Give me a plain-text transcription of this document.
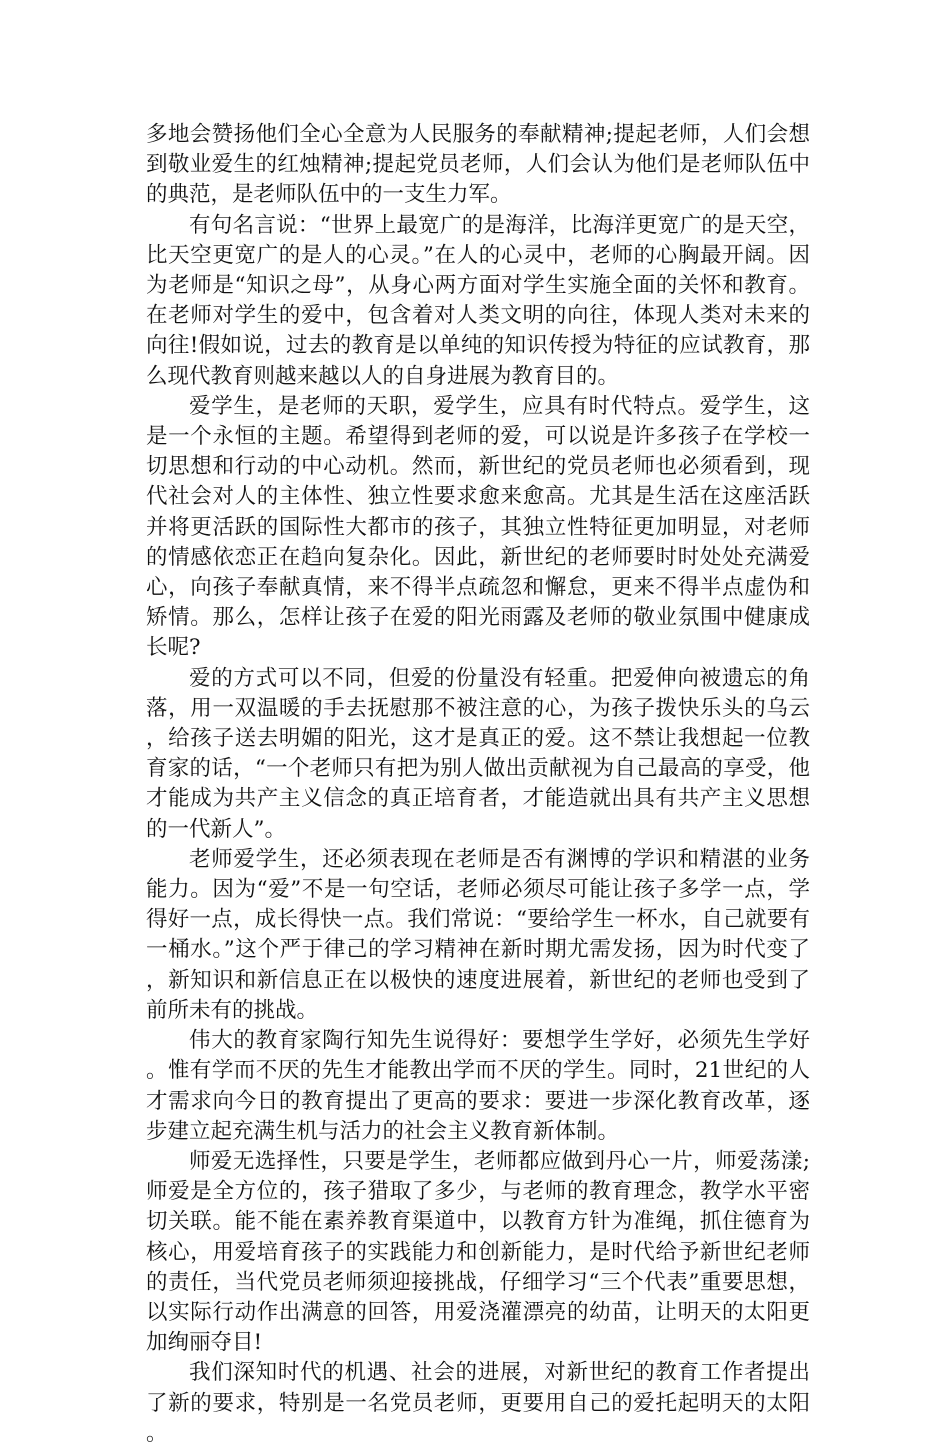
多地会赞扬他们全心全意为人民服务的奉献精神;提起老师，人们会想到敬业爱生的红烛精神;提起党员老师，人们会认为他们是老师队伍中的典范，是老师队伍中的一支生力军。

有句名言说：“世界上最宽广的是海洋，比海洋更宽广的是天空，比天空更宽广的是人的心灵。”在人的心灵中，老师的心胸最开阔。因为老师是“知识之母”，从身心两方面对学生实施全面的关怀和教育。在老师对学生的爱中，包含着对人类文明的向往，体现人类对未来的向往!假如说，过去的教育是以单纯的知识传授为特征的应试教育，那么现代教育则越来越以人的自身进展为教育目的。

爱学生，是老师的天职，爱学生，应具有时代特点。爱学生，这是一个永恒的主题。希望得到老师的爱，可以说是许多孩子在学校一切思想和行动的中心动机。然而，新世纪的党员老师也必须看到，现代社会对人的主体性、独立性要求愈来愈高。尤其是生活在这座活跃并将更活跃的国际性大都市的孩子，其独立性特征更加明显，对老师的情感依恋正在趋向复杂化。因此，新世纪的老师要时时处处充满爱心，向孩子奉献真情，来不得半点疏忽和懈怠，更来不得半点虚伪和矫情。那么，怎样让孩子在爱的阳光雨露及老师的敬业氛围中健康成长呢?

爱的方式可以不同，但爱的份量没有轻重。把爱伸向被遗忘的角落，用一双温暖的手去抚慰那不被注意的心，为孩子拨快乐头的乌云，给孩子送去明媚的阳光，这才是真正的爱。这不禁让我想起一位教育家的话，“一个老师只有把为别人做出贡献视为自己最高的享受，他才能成为共产主义信念的真正培育者，才能造就出具有共产主义思想的一代新人”。

老师爱学生，还必须表现在老师是否有渊博的学识和精湛的业务能力。因为“爱”不是一句空话，老师必须尽可能让孩子多学一点，学得好一点，成长得快一点。我们常说：“要给学生一杯水，自己就要有一桶水。”这个严于律己的学习精神在新时期尤需发扬，因为时代变了，新知识和新信息正在以极快的速度进展着，新世纪的老师也受到了前所未有的挑战。

伟大的教育家陶行知先生说得好：要想学生学好，必须先生学好。惟有学而不厌的先生才能教出学而不厌的学生。同时，21世纪的人才需求向今日的教育提出了更高的要求：要进一步深化教育改革，逐步建立起充满生机与活力的社会主义教育新体制。

师爱无选择性，只要是学生，老师都应做到丹心一片，师爱荡漾;师爱是全方位的，孩子猎取了多少，与老师的教育理念，教学水平密切关联。能不能在素养教育渠道中，以教育方针为准绳，抓住德育为核心，用爱培育孩子的实践能力和创新能力，是时代给予新世纪老师的责任，当代党员老师须迎接挑战，仔细学习“三个代表”重要思想，以实际行动作出满意的回答，用爱浇灌漂亮的幼苗，让明天的太阳更加绚丽夺目!

我们深知时代的机遇、社会的进展，对新世纪的教育工作者提出了新的要求，特别是一名党员老师，更要用自己的爱托起明天的太阳。
